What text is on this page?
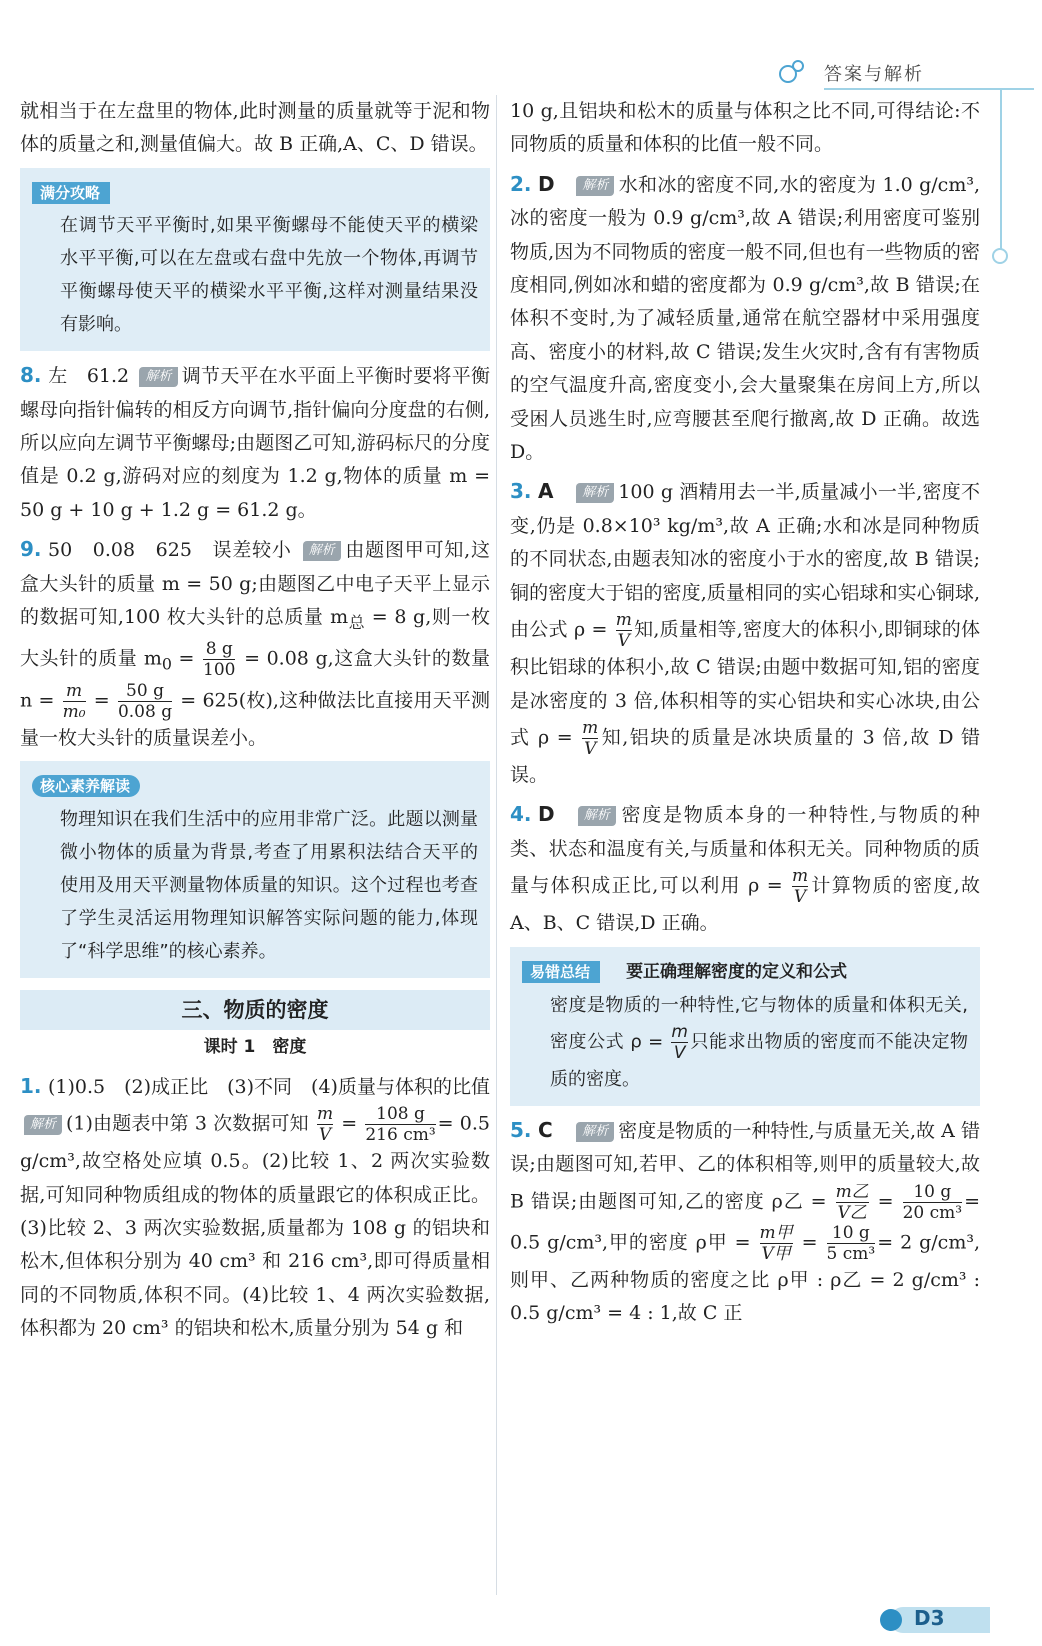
答案与解析

就相当于在左盘里的物体,此时测量的质量就等于泥和物体的质量之和,测量值偏大。故 B 正确,A、C、D 错误。

满分攻略

在调节天平平衡时,如果平衡螺母不能使天平的横梁水平平衡,可以在左盘或右盘中先放一个物体,再调节平衡螺母使天平的横梁水平平衡,这样对测量结果没有影响。

8. 左　61.2 解析 调节天平在水平面上平衡时要将平衡螺母向指针偏转的相反方向调节,指针偏向分度盘的右侧,所以应向左调节平衡螺母;由题图乙可知,游码标尺的分度值是 0.2 g,游码对应的刻度为 1.2 g,物体的质量 m = 50 g + 10 g + 1.2 g = 61.2 g。

9. 50　0.08　625　误差较小 解析 由题图甲可知,这盒大头针的质量 m = 50 g;由题图乙中电子天平上显示的数据可知,100 枚大头针的总质量 $m_总 = 8$ g,则一枚大头针的质量 $m_0 = \frac{8 g}{100} = 0.08$ g,这盒大头针的数量 $n = \frac{m}{\text{m₀}} = \frac{50 g}{0.08 g} = 625$(枚),这种做法比直接用天平测量一枚大头针的质量误差小。

核心素养解读

物理知识在我们生活中的应用非常广泛。此题以测量微小物体的质量为背景,考查了用累积法结合天平的使用及用天平测量物体质量的知识。这个过程也考查了学生灵活运用物理知识解答实际问题的能力,体现了“科学思维”的核心素养。

三、物质的密度
课时 1　密度

1. (1)0.5　(2)成正比　(3)不同　(4)质量与体积的比值 解析 (1)由题表中第 3 次数据可知 $\frac{m}{V} = \frac{108 g}{\text{216 cm³}} = 0.5$ g/cm³,故空格处应填 0.5。(2)比较 1、2 两次实验数据,可知同种物质组成的物体的质量跟它的体积成正比。(3)比较 2、3 两次实验数据,质量都为 108 g 的铝块和松木,但体积分别为 40 cm³ 和 216 cm³,即可得质量相同的不同物质,体积不同。(4)比较 1、4 两次实验数据,体积都为 20 cm³ 的铝块和松木,质量分别为 54 g 和

10 g,且铝块和松木的质量与体积之比不同,可得结论:不同物质的质量和体积的比值一般不同。

2. D 解析 水和冰的密度不同,水的密度为 1.0 g/cm³,冰的密度一般为 0.9 g/cm³,故 A 错误;利用密度可鉴别物质,因为不同物质的密度一般不同,但也有一些物质的密度相同,例如冰和蜡的密度都为 0.9 g/cm³,故 B 错误;在体积不变时,为了减轻质量,通常在航空器材中采用强度高、密度小的材料,故 C 错误;发生火灾时,含有有害物质的空气温度升高,密度变小,会大量聚集在房间上方,所以受困人员逃生时,应弯腰甚至爬行撤离,故 D 正确。故选 D。

3. A 解析 100 g 酒精用去一半,质量减小一半,密度不变,仍是 0.8×10³ kg/m³,故 A 正确;水和冰是同种物质的不同状态,由题表知冰的密度小于水的密度,故 B 错误;铜的密度大于铝的密度,质量相同的实心铝球和实心铜球,由公式 $\rho = \frac{m}{V}$ 知,质量相等,密度大的体积小,即铜球的体积比铝球的体积小,故 C 错误;由题中数据可知,铝的密度是冰密度的 3 倍,体积相等的实心铝块和实心冰块,由公式 $\rho = \frac{m}{V}$ 知,铝块的质量是冰块质量的 3 倍,故 D 错误。

4. D 解析 密度是物质本身的一种特性,与物质的种类、状态和温度有关,与质量和体积无关。同种物质的质量与体积成正比,可以利用 $\rho = \frac{m}{V}$ 计算物质的密度,故 A、B、C 错误,D 正确。

易错总结 要正确理解密度的定义和公式

密度是物质的一种特性,它与物体的质量和体积无关,密度公式 $\rho = \frac{m}{V}$ 只能求出物质的密度而不能决定物质的密度。

5. C 解析 密度是物质的一种特性,与质量无关,故 A 错误;由题图可知,若甲、乙的体积相等,则甲的质量较大,故 B 错误;由题图可知,乙的密度 ρ乙 = $\frac{\text{m乙}}{\text{V乙}} = \frac{10 g}{\text{20 cm³}} = 0.5$ g/cm³,甲的密度 ρ甲 = $\frac{\text{m甲}}{\text{V甲}} = \frac{10 g}{\text{5 cm³}} = 2$ g/cm³,则甲、乙两种物质的密度之比 ρ甲 : ρ乙 = 2 g/cm³ : 0.5 g/cm³ = 4 : 1,故 C 正

D3
